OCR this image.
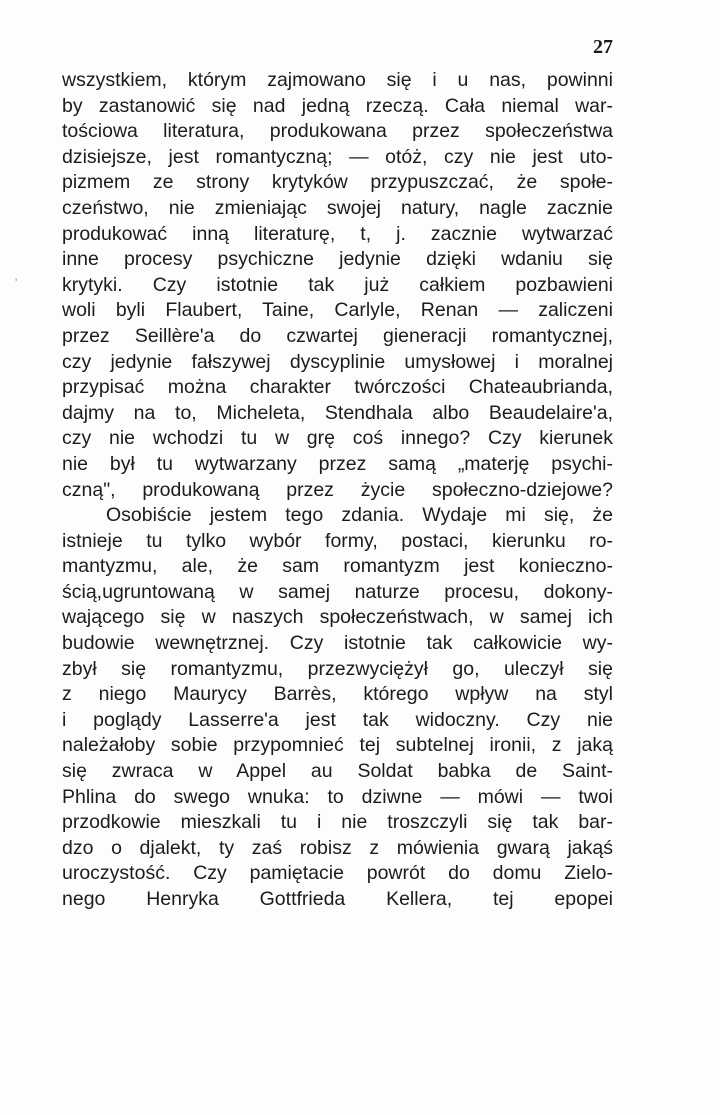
27
'
wszystkiem, którym zajmowano się i u nas, powinni
by zastanowić się nad jedną rzeczą. Cała niemal war-
tościowa literatura, produkowana przez społeczeństwa
dzisiejsze, jest romantyczną; — otóż, czy nie jest uto-
pizmem ze strony krytyków przypuszczać, że społe-
czeństwo, nie zmieniając swojej natury, nagle zacznie
produkować inną literaturę, t, j. zacznie wytwarzać
inne procesy psychiczne jedynie dzięki wdaniu się
krytyki. Czy istotnie tak już całkiem pozbawieni
woli byli Flaubert, Taine, Carlyle, Renan — zaliczeni
przez Seillère'a do czwartej gieneracji romantycznej,
czy jedynie fałszywej dyscyplinie umysłowej i moralnej
przypisać można charakter twórczości Chateaubrianda,
dajmy na to, Micheleta, Stendhala albo Beaudelaire'a,
czy nie wchodzi tu w grę coś innego? Czy kierunek
nie był tu wytwarzany przez samą „materję psychi-
czną", produkowaną przez życie społeczno-dziejowe?
Osobiście jestem tego zdania. Wydaje mi się, że
istnieje tu tylko wybór formy, postaci, kierunku ro-
mantyzmu, ale, że sam romantyzm jest konieczno-
ścią,ugruntowaną w samej naturze procesu, dokony-
wającego się w naszych społeczeństwach, w samej ich
budowie wewnętrznej. Czy istotnie tak całkowicie wy-
zbył się romantyzmu, przezwyciężył go, uleczył się
z niego Maurycy Barrès, którego wpływ na styl
i poglądy Lasserre'a jest tak widoczny. Czy nie
należałoby sobie przypomnieć tej subtelnej ironii, z jaką
się zwraca w Appel au Soldat babka de Saint-
Phlina do swego wnuka: to dziwne — mówi — twoi
przodkowie mieszkali tu i nie troszczyli się tak bar-
dzo o djalekt, ty zaś robisz z mówienia gwarą jakąś
uroczystość. Czy pamiętacie powrót do domu Zielo-
nego Henryka Gottfrieda Kellera, tej epopei
